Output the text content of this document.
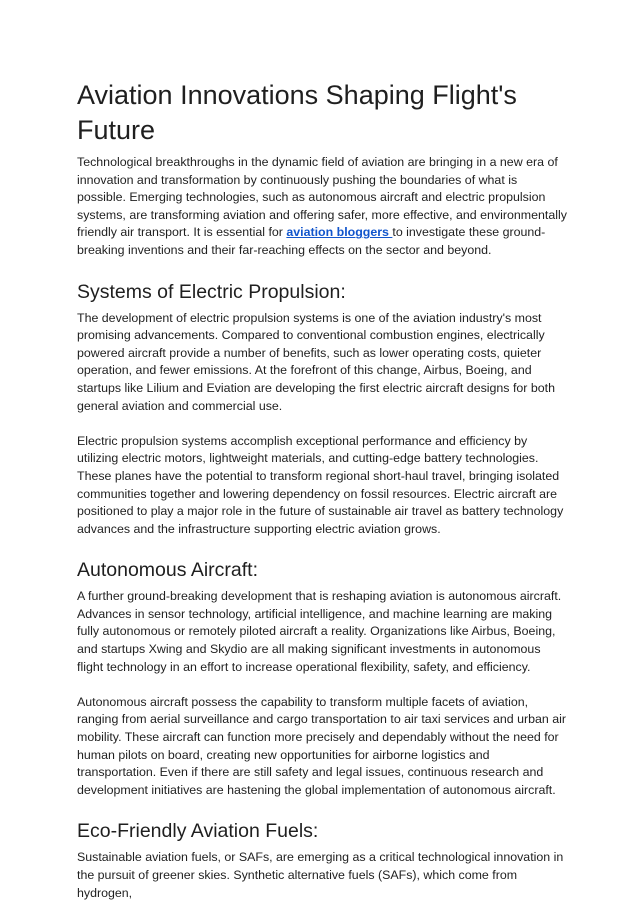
Aviation Innovations Shaping Flight's Future

Technological breakthroughs in the dynamic field of aviation are bringing in a new era of innovation and transformation by continuously pushing the boundaries of what is possible. Emerging technologies, such as autonomous aircraft and electric propulsion systems, are transforming aviation and offering safer, more effective, and environmentally friendly air transport. It is essential for aviation bloggers to investigate these ground-breaking inventions and their far-reaching effects on the sector and beyond.

Systems of Electric Propulsion:

The development of electric propulsion systems is one of the aviation industry's most promising advancements. Compared to conventional combustion engines, electrically powered aircraft provide a number of benefits, such as lower operating costs, quieter operation, and fewer emissions. At the forefront of this change, Airbus, Boeing, and startups like Lilium and Eviation are developing the first electric aircraft designs for both general aviation and commercial use.

Electric propulsion systems accomplish exceptional performance and efficiency by utilizing electric motors, lightweight materials, and cutting-edge battery technologies. These planes have the potential to transform regional short-haul travel, bringing isolated communities together and lowering dependency on fossil resources. Electric aircraft are positioned to play a major role in the future of sustainable air travel as battery technology advances and the infrastructure supporting electric aviation grows.

Autonomous Aircraft:

A further ground-breaking development that is reshaping aviation is autonomous aircraft. Advances in sensor technology, artificial intelligence, and machine learning are making fully autonomous or remotely piloted aircraft a reality. Organizations like Airbus, Boeing, and startups Xwing and Skydio are all making significant investments in autonomous flight technology in an effort to increase operational flexibility, safety, and efficiency.

Autonomous aircraft possess the capability to transform multiple facets of aviation, ranging from aerial surveillance and cargo transportation to air taxi services and urban air mobility. These aircraft can function more precisely and dependably without the need for human pilots on board, creating new opportunities for airborne logistics and transportation. Even if there are still safety and legal issues, continuous research and development initiatives are hastening the global implementation of autonomous aircraft.

Eco-Friendly Aviation Fuels:

Sustainable aviation fuels, or SAFs, are emerging as a critical technological innovation in the pursuit of greener skies. Synthetic alternative fuels (SAFs), which come from hydrogen,
